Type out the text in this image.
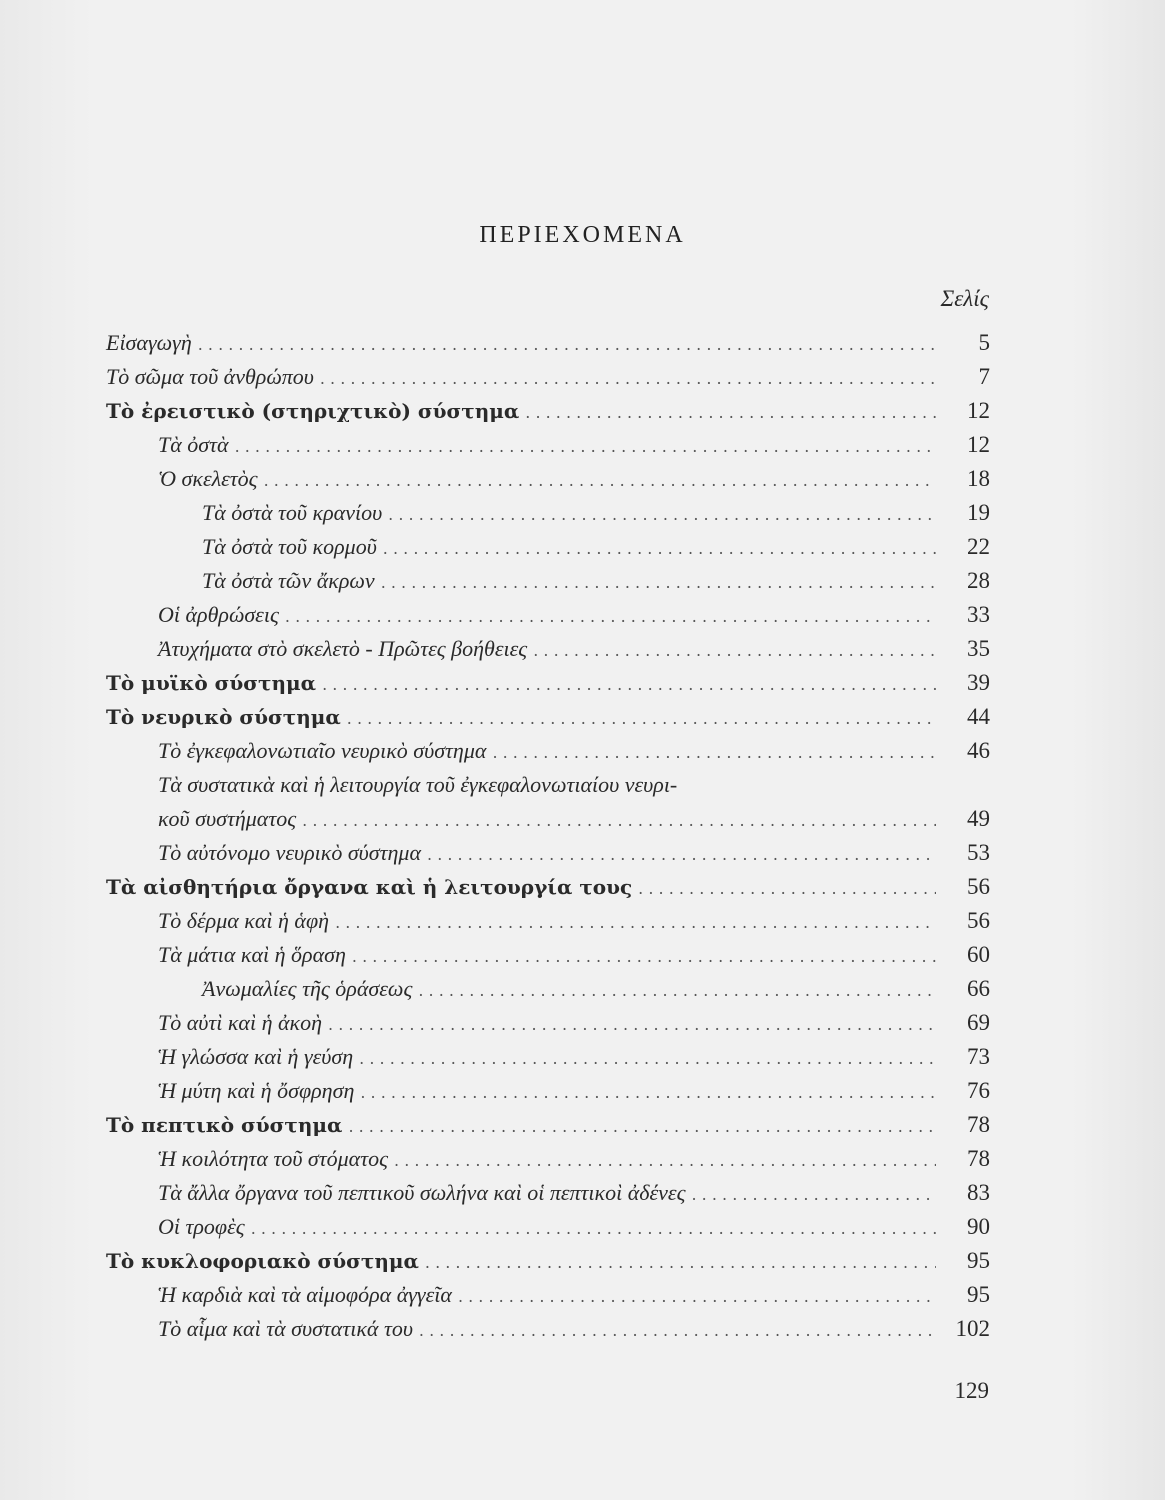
ΠΕΡΙΕΧΟΜΕΝΑ
Σελίς
Εἰσαγωγὴ . . .	5
Τὸ σῶμα τοῦ ἀνθρώπου . . .	7
Τὸ ἐρειστικὸ (στηριχτικὸ) σύστημα . . .	12
Τὰ ὀστὰ . . .	12
Ὁ σκελετὸς . . .	18
Τὰ ὀστὰ τοῦ κρανίου . . .	19
Τὰ ὀστὰ τοῦ κορμοῦ . . .	22
Τὰ ὀστὰ τῶν ἄκρων . . .	28
Οἱ ἀρθρώσεις . . .	33
Ἀτυχήματα στὸ σκελετὸ - Πρῶτες βοήθειες . . .	35
Τὸ μυϊκὸ σύστημα . . .	39
Τὸ νευρικὸ σύστημα . . .	44
Τὸ ἐγκεφαλονωτιαῖο νευρικὸ σύστημα . . .	46
Τὰ συστατικὰ καὶ ἡ λειτουργία τοῦ ἐγκεφαλονωτιαίου νευρι-
κοῦ συστήματος . . .	49
Τὸ αὐτόνομο νευρικὸ σύστημα . . .	53
Τὰ αἰσθητήρια ὄργανα καὶ ἡ λειτουργία τους . . .	56
Τὸ δέρμα καὶ ἡ ἁφὴ . . .	56
Τὰ μάτια καὶ ἡ ὅραση . . .	60
Ἀνωμαλίες τῆς ὁράσεως . . .	66
Τὸ αὐτὶ καὶ ἡ ἀκοὴ . . .	69
Ἡ γλώσσα καὶ ἡ γεύση . . .	73
Ἡ μύτη καὶ ἡ ὄσφρηση . . .	76
Τὸ πεπτικὸ σύστημα . . .	78
Ἡ κοιλότητα τοῦ στόματος . . .	78
Τὰ ἄλλα ὄργανα τοῦ πεπτικοῦ σωλήνα καὶ οἱ πεπτικοὶ ἀδένες . . .	83
Οἱ τροφὲς . . .	90
Τὸ κυκλοφοριακὸ σύστημα . . .	95
Ἡ καρδιὰ καὶ τὰ αἱμοφόρα ἀγγεῖα . . .	95
Τὸ αἷμα καὶ τὰ συστατικά του . . .	102
129
